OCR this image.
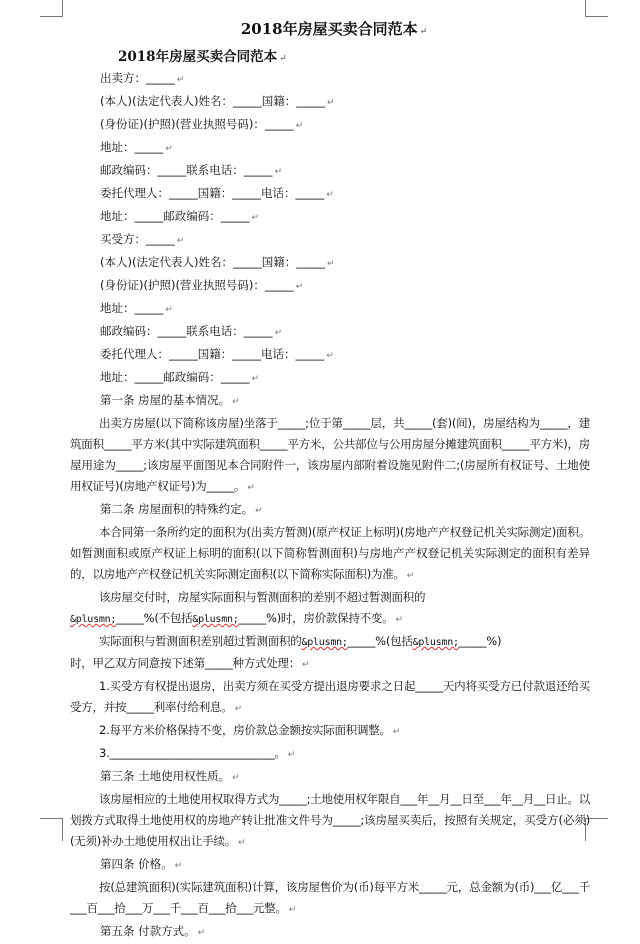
2018年房屋买卖合同范本 ↵
2018年房屋买卖合同范本 ↵
出卖方：_____ ↵
(本人)(法定代表人)姓名：_____国籍：_____ ↵
(身份证)(护照)(营业执照号码)：_____ ↵
地址：_____ ↵
邮政编码：_____联系电话：_____ ↵
委托代理人：_____国籍：_____电话：_____ ↵
地址：_____邮政编码：_____ ↵
买受方：_____ ↵
(本人)(法定代表人)姓名：_____国籍：_____ ↵
(身份证)(护照)(营业执照号码)：_____ ↵
地址：_____ ↵
邮政编码：_____联系电话：_____ ↵
委托代理人：_____国籍：_____电话：_____ ↵
地址：_____邮政编码：_____ ↵
第一条 房屋的基本情况。 ↵
出卖方房屋(以下简称该房屋)坐落于_____;位于第_____层，共_____(套)(间)，房屋结构为_____，建筑面积_____平方米(其中实际建筑面积_____平方米，公共部位与公用房屋分摊建筑面积_____平方米)，房屋用途为_____;该房屋平面图见本合同附件一，该房屋内部附着设施见附件二;(房屋所有权证号、土地使用权证号)(房地产权证号)为_____。 ↵
第二条 房屋面积的特殊约定。 ↵
本合同第一条所约定的面积为(出卖方暂测)(原产权证上标明)(房地产产权登记机关实际测定)面积。如暂测面积或原产权证上标明的面积(以下简称暂测面积)与房地产产权登记机关实际测定的面积有差异的，以房地产产权登记机关实际测定面积(以下简称实际面积)为准。 ↵
该房屋交付时，房屋实际面积与暂测面积的差别不超过暂测面积的
&plusmn;_____%(不包括&plusmn;_____%)时，房价款保持不变。 ↵
实际面积与暂测面积差别超过暂测面积的&plusmn;_____%(包括&plusmn;_____%)
时，甲乙双方同意按下述第_____种方式处理： ↵
1.买受方有权提出退房，出卖方须在买受方提出退房要求之日起_____天内将买受方已付款退还给买受方，并按_____利率付给利息。 ↵
2.每平方米价格保持不变，房价款总金额按实际面积调整。 ↵
3.______________________________。 ↵
第三条 土地使用权性质。 ↵
该房屋相应的土地使用权取得方式为_____;土地使用权年限自___年__月__日至___年__月__日止。以划拨方式取得土地使用权的房地产转让批准文件号为_____;该房屋买卖后，按照有关规定，买受方(必须)(无须)补办土地使用权出让手续。 ↵
第四条 价格。 ↵
按(总建筑面积)(实际建筑面积)计算，该房屋售价为(币)每平方米_____元，总金额为(币)___亿___千___百___拾___万___千___百___拾___元整。 ↵
第五条 付款方式。 ↵
